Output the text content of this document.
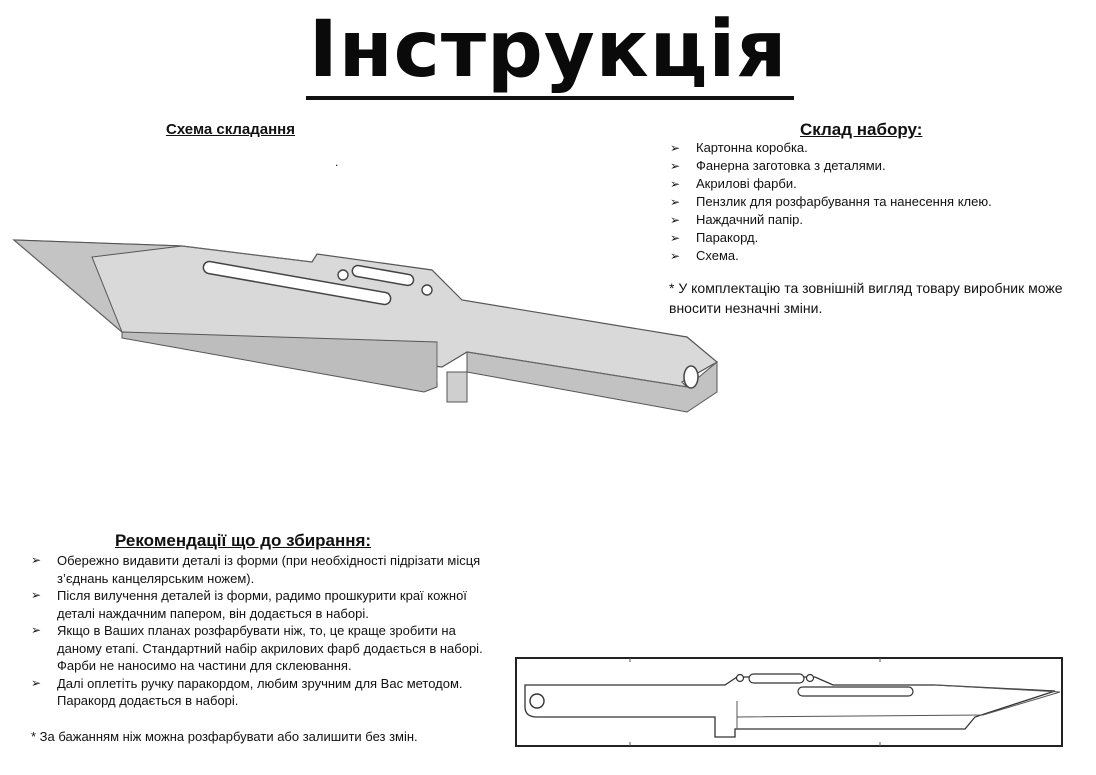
Інструкція
Схема складання
.
Склад набору:
➢ Картонна коробка.
➢ Фанерна заготовка з деталями.
➢ Акрилові фарби.
➢ Пензлик для розфарбування та нанесення клею.
➢ Наждачний папір.
➢ Паракорд.
➢ Схема.
* У комплектацію та зовнішній вигляд товару виробник може вносити незначні зміни.
Рекомендації що до збирання:
➢ Обережно видавити деталі із форми (при необхідності підрізати місця з’єднань канцелярським ножем).
➢ Після вилучення деталей із форми, радимо прошкурити краї кожної деталі наждачним папером, він додається в наборі.
➢ Якщо в Ваших планах розфарбувати ніж, то, це краще зробити на даному етапі. Стандартний набір акрилових фарб додається в наборі. Фарби не наносимо на частини для склеювання.
➢ Далі оплетіть ручку паракордом, любим зручним для Вас методом. Паракорд додається в наборі.
* За бажанням ніж можна розфарбувати або залишити без змін.
